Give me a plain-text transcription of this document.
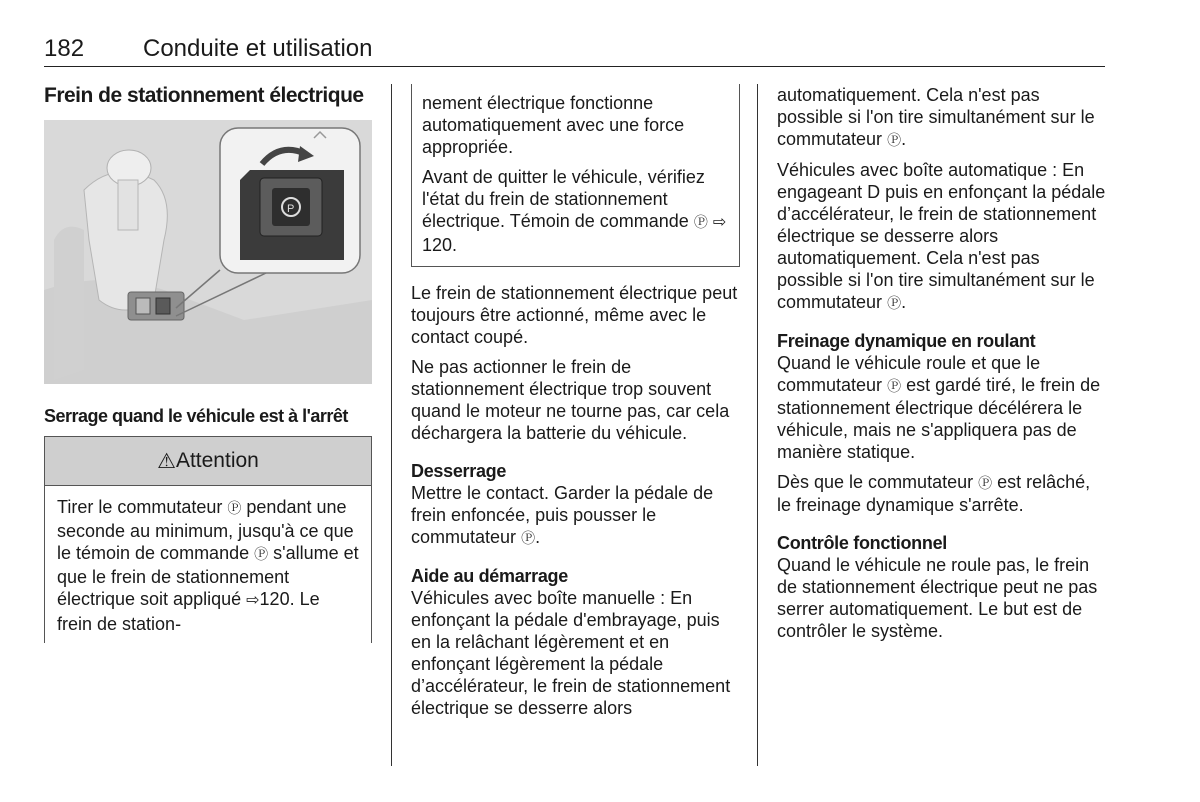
182 Conduite et utilisation
Frein de stationnement électrique
P
Serrage quand le véhicule est à l'arrêt
⚠ Attention
Tirer le commutateur Ⓟ pendant une seconde au minimum, jusqu'à ce que le témoin de commande Ⓟ s'allume et que le frein de stationnement électrique soit appliqué ⇨120. Le frein de station-

nement électrique fonctionne automatiquement avec une force appropriée.

Avant de quitter le véhicule, vérifiez l'état du frein de stationnement électrique. Témoin de commande Ⓟ ⇨ 120.

Le frein de stationnement électrique peut toujours être actionné, même avec le contact coupé.

Ne pas actionner le frein de stationnement électrique trop souvent quand le moteur ne tourne pas, car cela déchargera la batterie du véhicule.

Desserrage

Mettre le contact. Garder la pédale de frein enfoncée, puis pousser le commutateur Ⓟ.

Aide au démarrage

Véhicules avec boîte manuelle : En enfonçant la pédale d'embrayage, puis en la relâchant légèrement et en enfonçant légèrement la pédale d’accélérateur, le frein de stationnement électrique se desserre alors

automatiquement. Cela n'est pas possible si l'on tire simultanément sur le commutateur Ⓟ.

Véhicules avec boîte automatique : En engageant D puis en enfonçant la pédale d’accélérateur, le frein de stationnement électrique se desserre alors automatiquement. Cela n'est pas possible si l'on tire simultanément sur le commutateur Ⓟ.

Freinage dynamique en roulant

Quand le véhicule roule et que le commutateur Ⓟ est gardé tiré, le frein de stationnement électrique décélérera le véhicule, mais ne s'appliquera pas de manière statique.

Dès que le commutateur Ⓟ est relâché, le freinage dynamique s'arrête.

Contrôle fonctionnel

Quand le véhicule ne roule pas, le frein de stationnement électrique peut ne pas serrer automatiquement. Le but est de contrôler le système.
